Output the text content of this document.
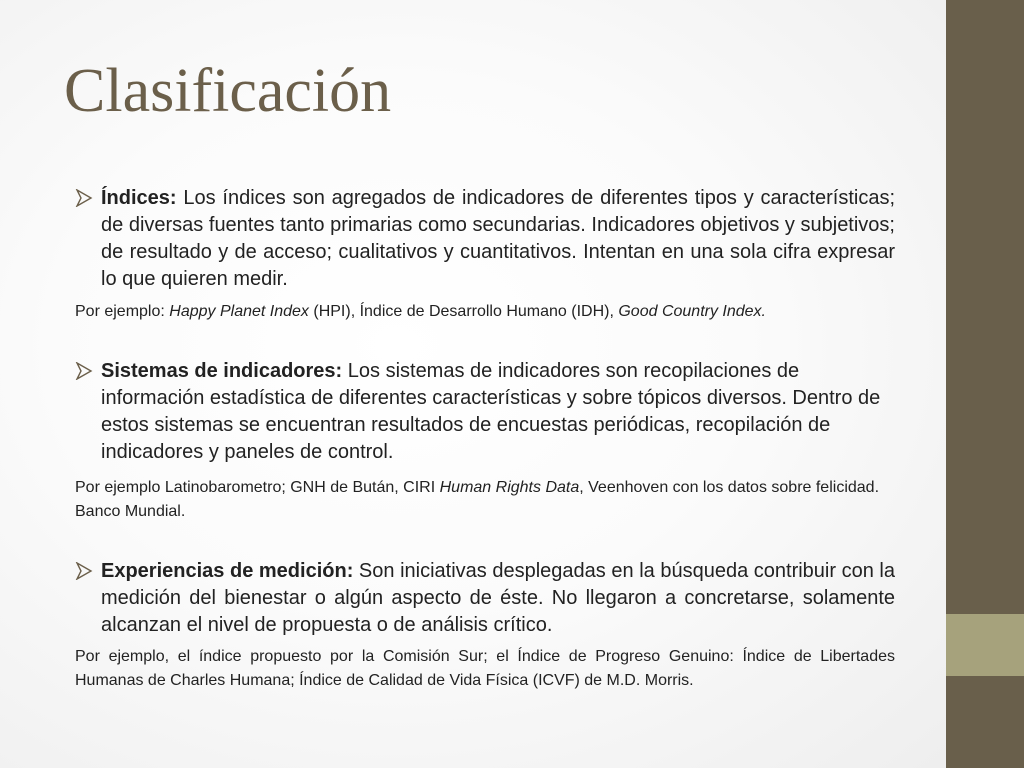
Clasificación
Índices: Los índices son agregados de indicadores de diferentes tipos y características; de diversas fuentes tanto primarias como secundarias. Indicadores objetivos y subjetivos; de resultado y de acceso; cualitativos y cuantitativos. Intentan en una sola cifra expresar lo que quieren medir.
Por ejemplo: Happy Planet Index (HPI), Índice de Desarrollo Humano (IDH), Good Country Index.
Sistemas de indicadores: Los sistemas de indicadores son recopilaciones de información estadística de diferentes características y sobre tópicos diversos. Dentro de estos sistemas se encuentran resultados de encuestas periódicas, recopilación de indicadores y paneles de control.
Por ejemplo Latinobarometro; GNH de Bután, CIRI Human Rights Data, Veenhoven con los datos sobre felicidad. Banco Mundial.
Experiencias de medición: Son iniciativas desplegadas en la búsqueda contribuir con la medición del bienestar o algún aspecto de éste. No llegaron a concretarse, solamente alcanzan el nivel de propuesta o de análisis crítico.
Por ejemplo, el índice propuesto por la Comisión Sur; el Índice de Progreso Genuino: Índice de Libertades Humanas de Charles Humana; Índice de Calidad de Vida Física (ICVF) de M.D. Morris.
